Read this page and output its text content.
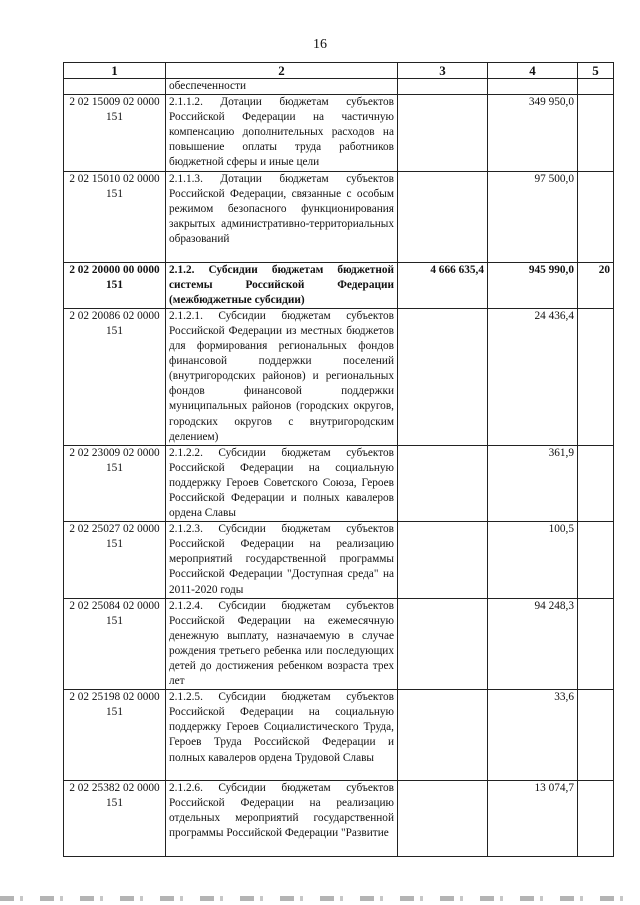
16
1	2	3	4	5
	обеспеченности			
2 02 15009 02 0000 151	2.1.1.2. Дотации бюджетам субъектов Российской Федерации на частичную компенсацию дополнительных расходов на повышение оплаты труда работников бюджетной сферы и иные цели		349 950,0	
2 02 15010 02 0000 151	2.1.1.3. Дотации бюджетам субъектов Российской Федерации, связанные с особым режимом безопасного функционирования закрытых административно-территориальных образований		97 500,0	
2 02 20000 00 0000 151	2.1.2. Субсидии бюджетам бюджетной системы Российской Федерации (межбюджетные субсидии)	4 666 635,4	945 990,0	20
2 02 20086 02 0000 151	2.1.2.1. Субсидии бюджетам субъектов Российской Федерации из местных бюджетов для формирования региональных фондов финансовой поддержки поселений (внутригородских районов) и региональных фондов финансовой поддержки муниципальных районов (городских округов, городских округов с внутригородским делением)		24 436,4	
2 02 23009 02 0000 151	2.1.2.2. Субсидии бюджетам субъектов Российской Федерации на социальную поддержку Героев Советского Союза, Героев Российской Федерации и полных кавалеров ордена Славы		361,9	
2 02 25027 02 0000 151	2.1.2.3. Субсидии бюджетам субъектов Российской Федерации на реализацию мероприятий государственной программы Российской Федерации "Доступная среда" на 2011-2020 годы		100,5	
2 02 25084 02 0000 151	2.1.2.4. Субсидии бюджетам субъектов Российской Федерации на ежемесячную денежную выплату, назначаемую в случае рождения третьего ребенка или последующих детей до достижения ребенком возраста трех лет		94 248,3	
2 02 25198 02 0000 151	2.1.2.5. Субсидии бюджетам субъектов Российской Федерации на социальную поддержку Героев Социалистического Труда, Героев Труда Российской Федерации и полных кавалеров ордена Трудовой Славы		33,6	
2 02 25382 02 0000 151	2.1.2.6. Субсидии бюджетам субъектов Российской Федерации на реализацию отдельных мероприятий государственной программы Российской Федерации "Развитие		13 074,7	
